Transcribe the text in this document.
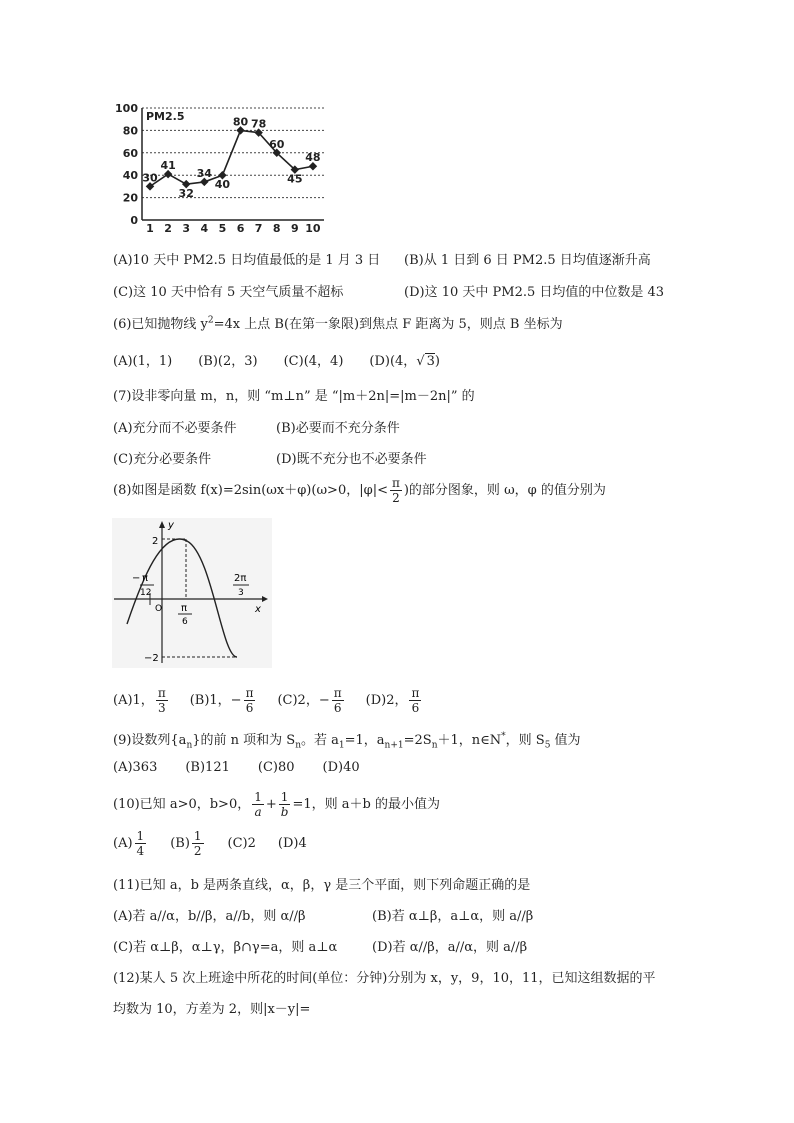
PM2.5
0
20
40
60
80
100
1 2 3 4 5 6 7 8 9 10
30
41
32
34
40
80 78
60
45
48
(A)10 天中 PM2.5 日均值最低的是 1 月 3 日 (B)从 1 日到 6 日 PM2.5 日均值逐渐升高
(C)这 10 天中恰有 5 天空气质量不超标	(D)这 10 天中 PM2.5 日均值的中位数是 43
(6)已知抛物线 $y^2=4x$ 上点 B(在第一象限)到焦点 F 距离为 5，则点 B 坐标为
(A)(1，1) (B)(2，3) (C)(4，4) (D)(4，√ 3)
(7)设非零向量 m，n，则 “m⊥n” 是 “|m＋2n|=|m－2n|” 的
(A)充分而不必要条件	(B)必要而不充分条件
(C)充分必要条件	(D)既不充分也不必要条件
(8)如图是函数 f(x)=2sin(ωx＋φ)(ω>0，$|\varphi|< \frac{\pi}{2}$ )的部分图象，则 ω，φ 的值分别为
y
x
O
2
−2
− π
12
π
6
2π
3
(A)1， $\frac{\pi}{3} (B)1$，− $\frac{\pi}{6} (C)2$，− $\frac{\pi}{6} (D)2$， $\frac{\pi}{6}$
(9)设数列$\{a_n\}$的前 n 项和为 $S_n$。若 $a_1=1$，$a_{n+1}=2S_n+1$，n∈N*，则 $S_5$ 值为
(A)363 (B)121 (C)80 (D)40
(10)已知 a>0，b>0， $\frac{1}{a} + \frac{1}{b} =1$，则 a＋b 的最小值为
$(A) \frac{1}{4} (B) \frac{1}{2} (C)2$ (D)4
(11)已知 a，b 是两条直线，α，β，γ 是三个平面，则下列命题正确的是
(A)若 a//α，b//β，a//b，则 α//β	(B)若 α⊥β，a⊥α，则 a//β
(C)若 α⊥β，α⊥γ，β∩γ=a，则 a⊥α	(D)若 α//β，a//α，则 a//β
(12)某人 5 次上班途中所花的时间(单位：分钟)分别为 x，y，9，10，11，已知这组数据的平
均数为 10，方差为 2，则|x－y|=
